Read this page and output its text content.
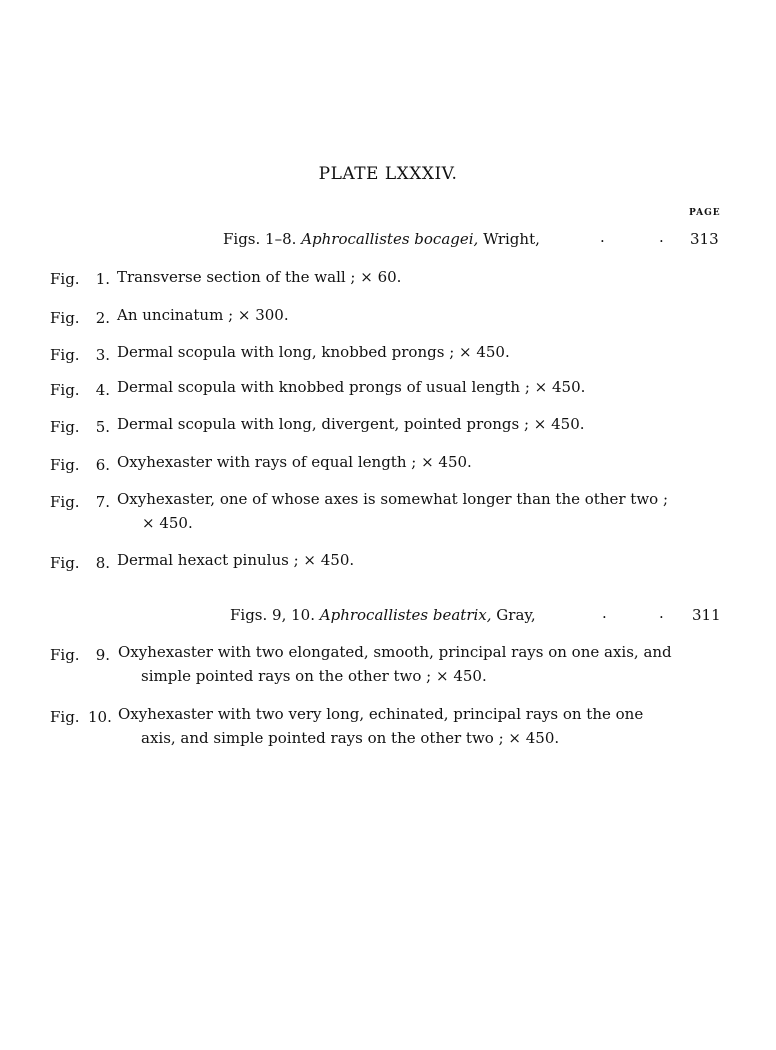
PLATE LXXXIV.
PAGE
Figs. 1–8. Aphrocallistes bocagei, Wright,	.	. 313
Fig.	1. Transverse section of the wall ; × 60.
Fig.	2. An uncinatum ; × 300.
Fig.	3. Dermal scopula with long, knobbed prongs ; × 450.
Fig.	4. Dermal scopula with knobbed prongs of usual length ; × 450.
Fig.	5. Dermal scopula with long, divergent, pointed prongs ; × 450.
Fig.	6. Oxyhexaster with rays of equal length ; × 450.
Fig.	7. Oxyhexaster, one of whose axes is somewhat longer than the other two ;
× 450.
Fig.	8. Dermal hexact pinulus ; × 450.
Figs. 9, 10. Aphrocallistes beatrix, Gray,	.	. 311
Fig.	9. Oxyhexaster with two elongated, smooth, principal rays on one axis, and
simple pointed rays on the other two ; × 450.
Fig. 10. Oxyhexaster with two very long, echinated, principal rays on the one
axis, and simple pointed rays on the other two ; × 450.
